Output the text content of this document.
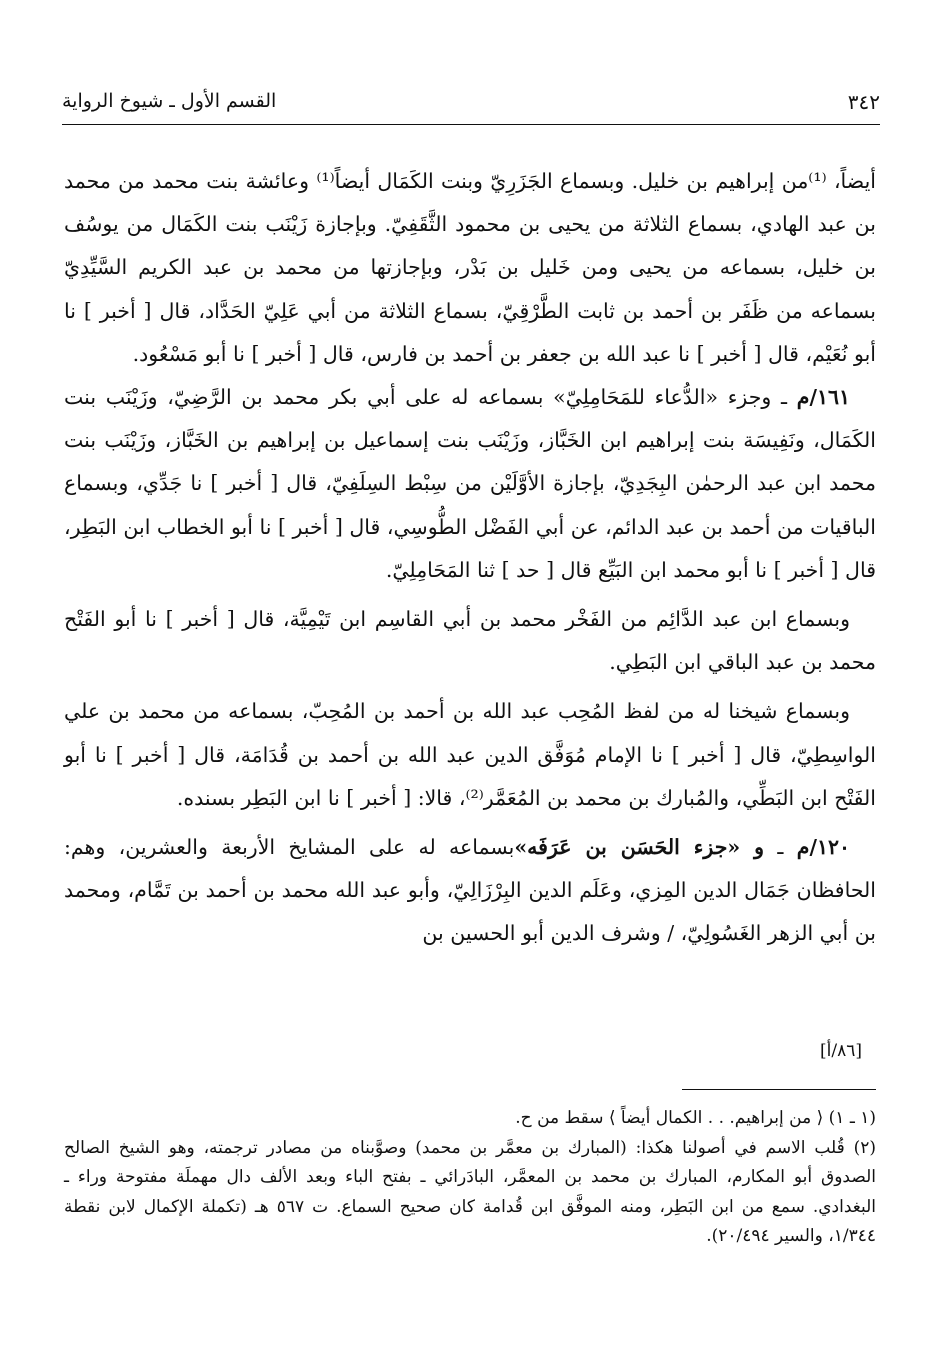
٣٤٢
القسم الأول ـ شيوخ الرواية

أيضاً، ⁽¹⁾من إبراهيم بن خليل. وبسماع الجَزَرِيّ وبنت الكَمَال أيضاً⁽¹⁾ وعائشة بنت محمد من محمد بن عبد الهادي، بسماع الثلاثة من يحيى بن محمود الثَّقَفِيّ. وبإجازة زَيْنَب بنت الكَمَال من يوسُف بن خليل، بسماعه من يحيى ومن خَليل بن بَدْر، وبإجازتها من محمد بن عبد الكريم السَّيِّدِيّ بسماعه من ظَفَر بن أحمد بن ثابت الطَّرْقِيّ، بسماع الثلاثة من أبي عَلِيّ الحَدَّاد، قال [ أخبر ] نا أبو نُعَيْم، قال [ أخبر ] نا عبد الله بن جعفر بن أحمد بن فارس، قال [ أخبر ] نا أبو مَسْعُود.

١٦١/م ـ وجزء «الدُّعاء للمَحَامِلِيّ» بسماعه له على أبي بكر محمد بن الرَّضِيّ، وزَيْنَب بنت الكَمَال، ونَفِيسَة بنت إبراهيم ابن الخَبَّاز، وزَيْنَب بنت إسماعيل بن إبراهيم بن الخَبَّاز، وزَيْنَب بنت محمد ابن عبد الرحمٰن البِجَدِيّ، بإجازة الأوَّلَيْن من سِبْط السِلَفِيّ، قال [ أخبر ] نا جَدِّي، وبسماع الباقيات من أحمد بن عبد الدائم، عن أبي الفَضْل الطُّوسِي، قال [ أخبر ] نا أبو الخطاب ابن البَطِر، قال [ أخبر ] نا أبو محمد ابن البَيِّع قال [ حد ] ثنا المَحَامِلِيّ.

وبسماع ابن عبد الدَّائِم من الفَخْر محمد بن أبي القاسِم ابن تَيْمِيَّة، قال [ أخبر ] نا أبو الفَتْح محمد بن عبد الباقي ابن البَطِي.

وبسماع شيخنا له من لفظ المُحِب عبد الله بن أحمد بن المُحِبّ، بسماعه من محمد بن علي الواسِطِيّ، قال [ أخبر ] نا الإمام مُوَفَّق الدين عبد الله بن أحمد بن قُدَامَة، قال [ أخبر ] نا أبو الفَتْح ابن البَطِّي، والمُبارك بن محمد بن المُعَمَّر⁽²⁾، قالا: [ أخبر ] نا ابن البَطِر بسنده.

١٢٠/م ـ و «جزء الحَسَن بن عَرَفَه»بسماعه له على المشايخ الأربعة والعشرين، وهم: الحافظان جَمَال الدين المِزي، وعَلَم الدين البِرْزَالِيّ، وأبو عبد الله محمد بن أحمد بن تَمَّام، ومحمد بن أبي الزهر الغَسُولِيّ، / وشرف الدين أبو الحسين بن

[٨٦/أ]

(١ ـ ١) ⟨ من إبراهيم. . . الكمال أيضاً ⟩ سقط من ح.

(٢) قُلب الاسم في أصولنا هكذا: (المبارك بن معمَّر بن محمد) وصوَّبناه من مصادر ترجمته، وهو الشيخ الصالح الصدوق أبو المكارم، المبارك بن محمد بن المعمَّر، البادَرائي ـ بفتح الباء وبعد الألف دال مهملَة مفتوحة وراء ـ البغدادي. سمع من ابن البَطِر، ومنه الموفَّق ابن قُدامة كان صحيح السماع. ت ٥٦٧ هـ (تكملة الإكمال لابن نقطة ١/٣٤٤، والسير ٢٠/٤٩٤).
